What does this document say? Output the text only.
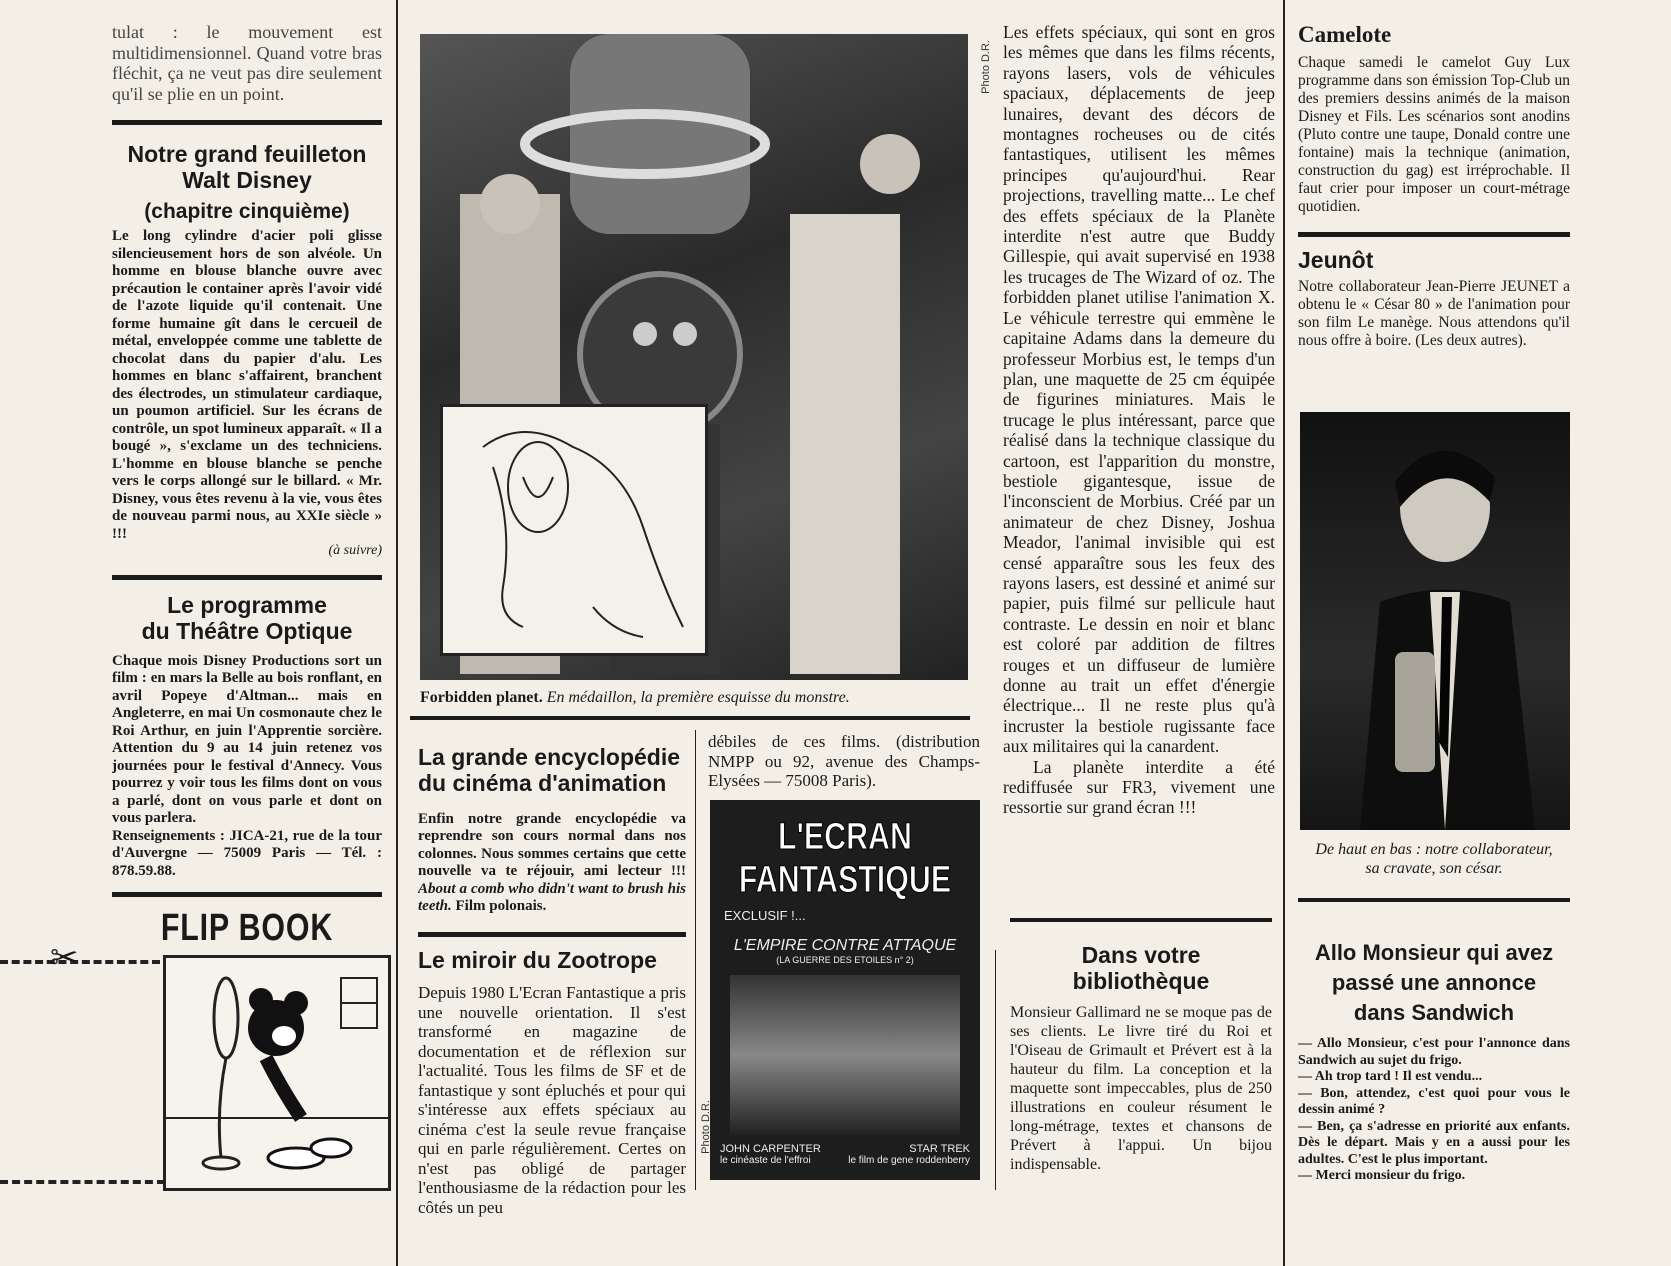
tulat : le mouvement est multidimensionnel. Quand votre bras fléchit, ça ne veut pas dire seulement qu'il se plie en un point.

Notre grand feuilleton
Walt Disney
(chapitre cinquième)

Le long cylindre d'acier poli glisse silencieusement hors de son alvéole. Un homme en blouse blanche ouvre avec précaution le container après l'avoir vidé de l'azote liquide qu'il contenait. Une forme humaine gît dans le cercueil de métal, enveloppée comme une tablette de chocolat dans du papier d'alu. Les hommes en blanc s'affairent, branchent des électrodes, un stimulateur cardiaque, un poumon artificiel. Sur les écrans de contrôle, un spot lumineux apparaît. « Il a bougé », s'exclame un des techniciens. L'homme en blouse blanche se penche vers le corps allongé sur le billard. « Mr. Disney, vous êtes revenu à la vie, vous êtes de nouveau parmi nous, au XXIe siècle » !!!

(à suivre)

Le programme
du Théâtre Optique

Chaque mois Disney Productions sort un film : en mars la Belle au bois ronflant, en avril Popeye d'Altman... mais en Angleterre, en mai Un cosmonaute chez le Roi Arthur, en juin l'Apprentie sorcière. Attention du 9 au 14 juin retenez vos journées pour le festival d'Annecy. Vous pourrez y voir tous les films dont on vous a parlé, dont on vous parle et dont on vous parlera.

Renseignements : JICA-21, rue de la tour d'Auvergne — 75009 Paris — Tél. : 878.59.88.

FLIP BOOK
✂

Forbidden planet. En médaillon, la première esquisse du monstre.

La grande encyclopédie
du cinéma d'animation

Enfin notre grande encyclopédie va reprendre son cours normal dans nos colonnes. Nous sommes certains que cette nouvelle va te réjouir, ami lecteur !!! About a comb who didn't want to brush his teeth. Film polonais.

Le miroir du Zootrope

Depuis 1980 L'Ecran Fantastique a pris une nouvelle orientation. Il s'est transformé en magazine de documentation et de réflexion sur l'actualité. Tous les films de SF et de fantastique y sont épluchés et pour qui s'intéresse aux effets spéciaux au cinéma c'est la seule revue française qui en parle régulièrement. Certes on n'est pas obligé de partager l'enthousiasme de la rédaction pour les côtés un peu

débiles de ces films. (distribution NMPP ou 92, avenue des Champs-Elysées — 75008 Paris).

L'ECRAN
FANTASTIQUE
EXCLUSIF !...
L'EMPIRE CONTRE ATTAQUE
(LA GUERRE DES ETOILES n° 2)
JOHN CARPENTER
le cinéaste de l'effroi
STAR TREK
le film de gene roddenberry
Photo D.R.
Photo D.R.

Les effets spéciaux, qui sont en gros les mêmes que dans les films récents, rayons lasers, vols de véhicules spaciaux, déplacements de jeep lunaires, devant des décors de montagnes rocheuses ou de cités fantastiques, utilisent les mêmes principes qu'aujourd'hui. Rear projections, travelling matte... Le chef des effets spéciaux de la Planète interdite n'est autre que Buddy Gillespie, qui avait supervisé en 1938 les trucages de The Wizard of oz. The forbidden planet utilise l'animation X. Le véhicule terrestre qui emmène le capitaine Adams dans la demeure du professeur Morbius est, le temps d'un plan, une maquette de 25 cm équipée de figurines miniatures. Mais le trucage le plus intéressant, parce que réalisé dans la technique classique du cartoon, est l'apparition du monstre, bestiole gigantesque, issue de l'inconscient de Morbius. Créé par un animateur de chez Disney, Joshua Meador, l'animal invisible qui est censé apparaître sous les feux des rayons lasers, est dessiné et animé sur papier, puis filmé sur pellicule haut contraste. Le dessin en noir et blanc est coloré par addition de filtres rouges et un diffuseur de lumière donne au trait un effet d'énergie électrique... Il ne reste plus qu'à incruster la bestiole rugissante face aux militaires qui la canardent.

La planète interdite a été rediffusée sur FR3, vivement une ressortie sur grand écran !!!

Dans votre
bibliothèque

Monsieur Gallimard ne se moque pas de ses clients. Le livre tiré du Roi et l'Oiseau de Grimault et Prévert est à la hauteur du film. La conception et la maquette sont impeccables, plus de 250 illustrations en couleur résument le long-métrage, textes et chansons de Prévert à l'appui. Un bijou indispensable.

Camelote

Chaque samedi le camelot Guy Lux programme dans son émission Top-Club un des premiers dessins animés de la maison Disney et Fils. Les scénarios sont anodins (Pluto contre une taupe, Donald contre une fontaine) mais la technique (animation, construction du gag) est irréprochable. Il faut crier pour imposer un court-métrage quotidien.

Jeunôt

Notre collaborateur Jean-Pierre JEUNET a obtenu le « César 80 » de l'animation pour son film Le manège. Nous attendons qu'il nous offre à boire. (Les deux autres).

De haut en bas : notre collaborateur,
sa cravate, son césar.
Allo Monsieur qui avez
passé une annonce
dans Sandwich

— Allo Monsieur, c'est pour l'annonce dans Sandwich au sujet du frigo.

— Ah trop tard ! Il est vendu...

— Bon, attendez, c'est quoi pour vous le dessin animé ?

— Ben, ça s'adresse en priorité aux enfants. Dès le départ. Mais y en a aussi pour les adultes. C'est le plus important.

— Merci monsieur du frigo.
